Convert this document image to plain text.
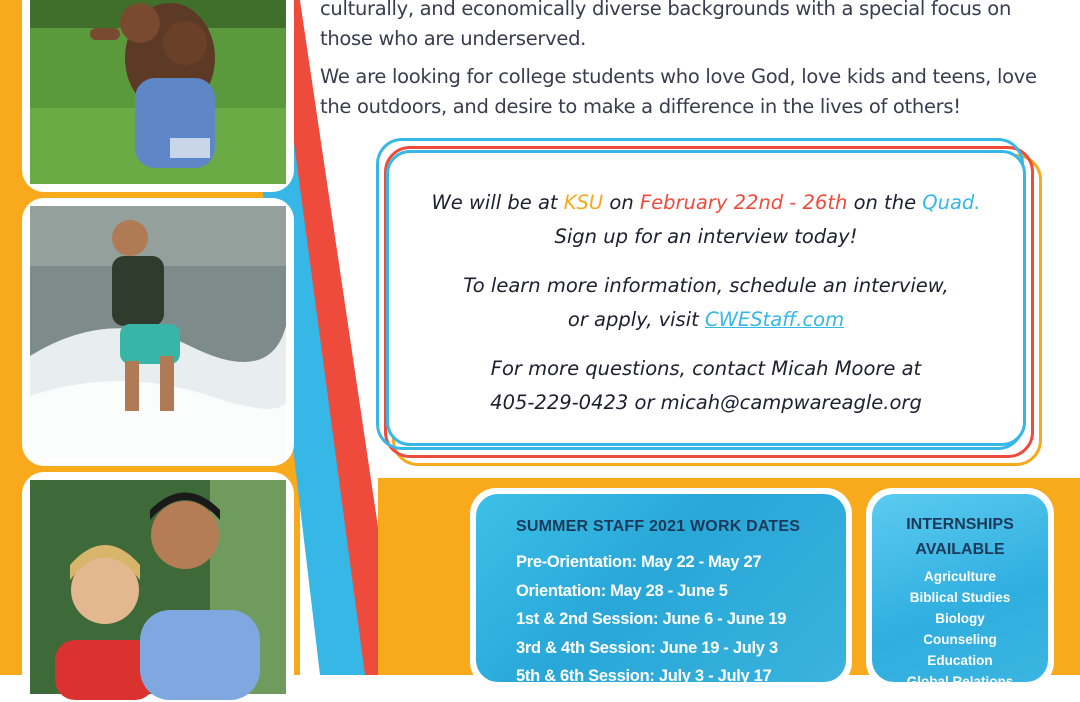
culturally, and economically diverse backgrounds with a special focus on those who are underserved.

We are looking for college students who love God, love kids and teens, love the outdoors, and desire to make a difference in the lives of others!

We will be at KSU on February 22nd - 26th on the Quad.
Sign up for an interview today!
To learn more information, schedule an interview,
or apply, visit CWEStaff.com
For more questions, contact Micah Moore at
405-229-0423 or micah@campwareagle.org
SUMMER STAFF 2021 WORK DATES
Pre-Orientation: May 22 - May 27
Orientation: May 28 - June 5
1st & 2nd Session: June 6 - June 19
3rd & 4th Session: June 19 - July 3
5th & 6th Session: July 3 - July 17
INTERNSHIPS
AVAILABLE
Agriculture
Biblical Studies
Biology
Counseling
Education
Global Relations
